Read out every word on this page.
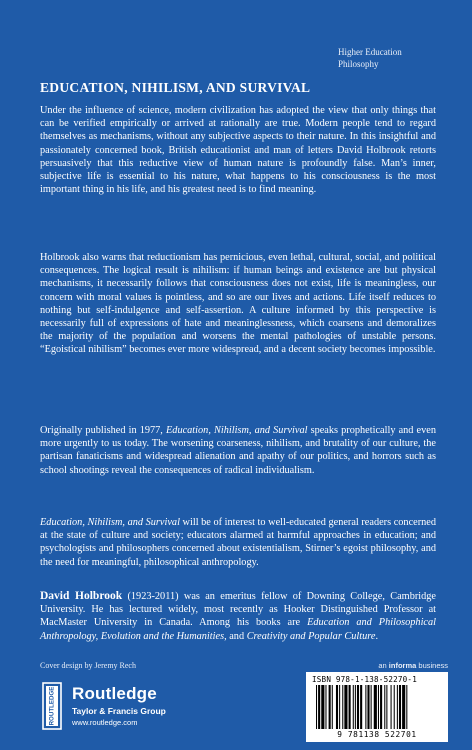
Higher Education
Philosophy
EDUCATION, NIHILISM, AND SURVIVAL

Under the influence of science, modern civilization has adopted the view that only things that can be verified empirically or arrived at rationally are true. Modern people tend to regard themselves as mechanisms, without any subjective aspects to their nature. In this insightful and passionately concerned book, British educationist and man of letters David Holbrook retorts persuasively that this reductive view of human nature is profoundly false. Man’s inner, subjective life is essential to his nature, what happens to his consciousness is the most important thing in his life, and his greatest need is to find meaning.

Holbrook also warns that reductionism has pernicious, even lethal, cultural, social, and political consequences. The logical result is nihilism: if human beings and existence are but physical mechanisms, it necessarily follows that consciousness does not exist, life is meaningless, our concern with moral values is pointless, and so are our lives and actions. Life itself reduces to nothing but self-indulgence and self-assertion. A culture informed by this perspective is necessarily full of expressions of hate and meaninglessness, which coarsens and demoralizes the majority of the population and worsens the mental pathologies of unstable persons. “Egoistical nihilism” becomes ever more widespread, and a decent society becomes impossible.

Originally published in 1977, Education, Nihilism, and Survival speaks prophetically and even more urgently to us today. The worsening coarseness, nihilism, and brutality of our culture, the partisan fanaticisms and widespread alienation and apathy of our politics, and horrors such as school shootings reveal the consequences of radical individualism.

Education, Nihilism, and Survival will be of interest to well-educated general readers concerned at the state of culture and society; educators alarmed at harmful approaches in education; and psychologists and philosophers concerned about existentialism, Stirner’s egoist philosophy, and the need for meaningful, philosophical anthropology.

David Holbrook (1923-2011) was an emeritus fellow of Downing College, Cambridge University. He has lectured widely, most recently as Hooker Distinguished Professor at MacMaster University in Canada. Among his books are Education and Philosophical Anthropology, Evolution and the Humanities, and Creativity and Popular Culture.

Cover design by Jeremy Rech	an informa business
ROUTLEDGE Routledge
Taylor & Francis Group
www.routledge.com
ISBN 978-1-138-52270-1
9 781138 522701
